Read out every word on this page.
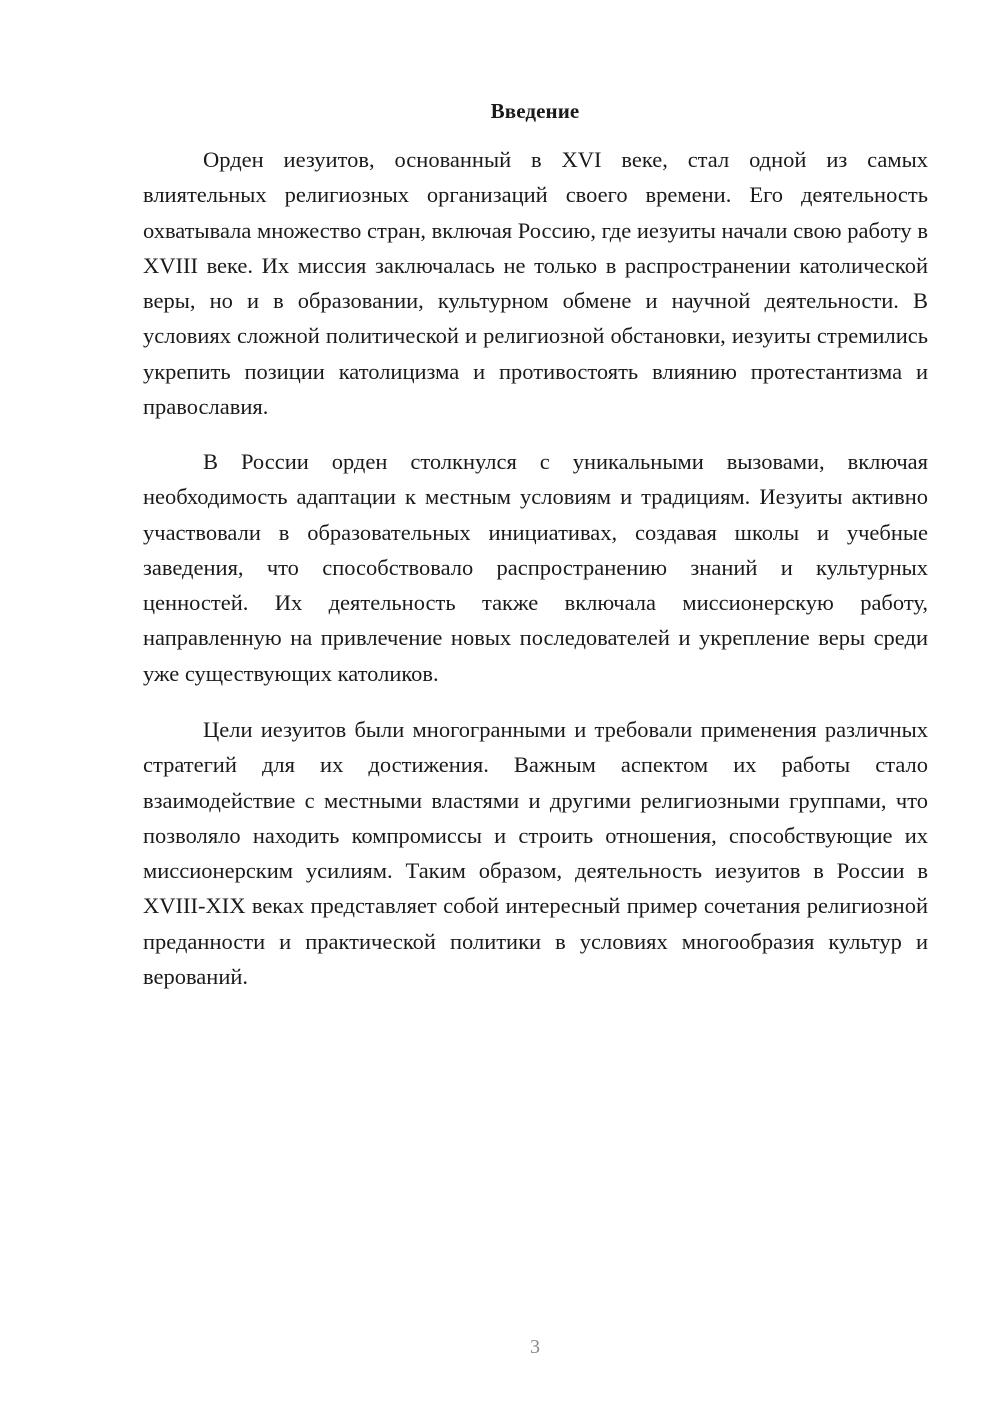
Введение

Орден иезуитов, основанный в XVI веке, стал одной из самых влиятельных религиозных организаций своего времени. Его деятельность охватывала множество стран, включая Россию, где иезуиты начали свою работу в XVIII веке. Их миссия заключалась не только в распространении католической веры, но и в образовании, культурном обмене и научной деятельности. В условиях сложной политической и религиозной обстановки, иезуиты стремились укрепить позиции католицизма и противостоять влиянию протестантизма и православия.

В России орден столкнулся с уникальными вызовами, включая необходимость адаптации к местным условиям и традициям. Иезуиты активно участвовали в образовательных инициативах, создавая школы и учебные заведения, что способствовало распространению знаний и культурных ценностей. Их деятельность также включала миссионерскую работу, направленную на привлечение новых последователей и укрепление веры среди уже существующих католиков.

Цели иезуитов были многогранными и требовали применения различных стратегий для их достижения. Важным аспектом их работы стало взаимодействие с местными властями и другими религиозными группами, что позволяло находить компромиссы и строить отношения, способствующие их миссионерским усилиям. Таким образом, деятельность иезуитов в России в XVIII-XIX веках представляет собой интересный пример сочетания религиозной преданности и практической политики в условиях многообразия культур и верований.

3
